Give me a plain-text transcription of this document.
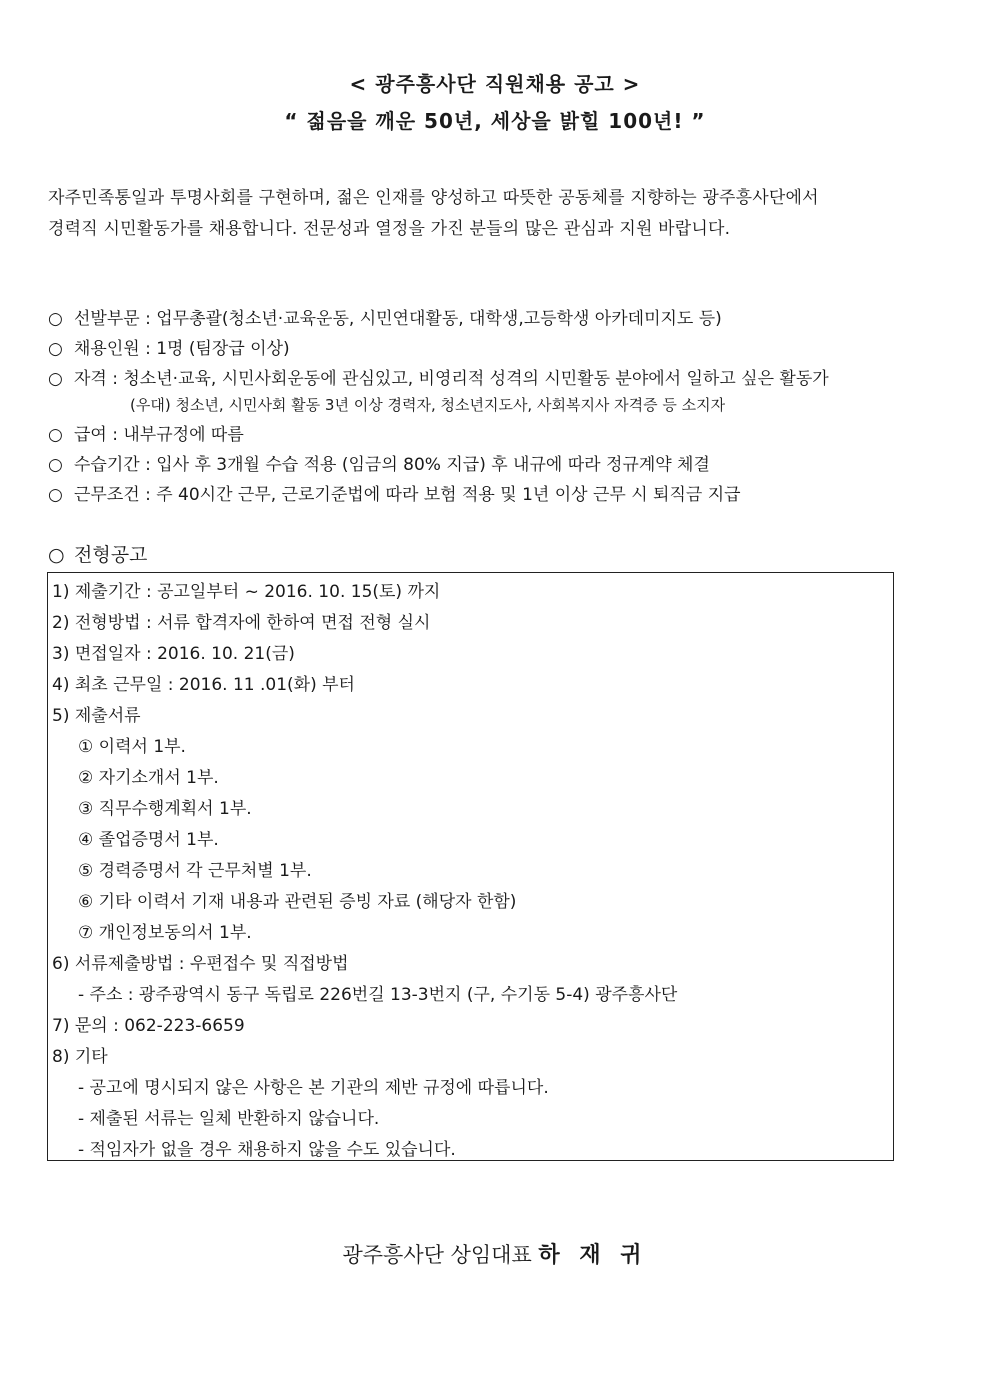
< 광주흥사단 직원채용 공고 >
“ 젊음을 깨운 50년, 세상을 밝힐 100년! ”
자주민족통일과 투명사회를 구현하며, 젊은 인재를 양성하고 따뜻한 공동체를 지향하는 광주흥사단에서
경력직 시민활동가를 채용합니다. 전문성과 열정을 가진 분들의 많은 관심과 지원 바랍니다.
○ 선발부문 : 업무총괄(청소년·교육운동, 시민연대활동, 대학생,고등학생 아카데미지도 등)
○ 채용인원 : 1명 (팀장급 이상)
○ 자격 : 청소년·교육, 시민사회운동에 관심있고, 비영리적 성격의 시민활동 분야에서 일하고 싶은 활동가
(우대) 청소년, 시민사회 활동 3년 이상 경력자, 청소년지도사, 사회복지사 자격증 등 소지자
○ 급여 : 내부규정에 따름
○ 수습기간 : 입사 후 3개월 수습 적용 (임금의 80% 지급) 후 내규에 따라 정규계약 체결
○ 근무조건 : 주 40시간 근무, 근로기준법에 따라 보험 적용 및 1년 이상 근무 시 퇴직금 지급
○ 전형공고
1) 제출기간 : 공고일부터 ~ 2016. 10. 15(토) 까지
2) 전형방법 : 서류 합격자에 한하여 면접 전형 실시
3) 면접일자 : 2016. 10. 21(금)
4) 최초 근무일 : 2016. 11 .01(화) 부터
5) 제출서류
① 이력서 1부.
② 자기소개서 1부.
③ 직무수행계획서 1부.
④ 졸업증명서 1부.
⑤ 경력증명서 각 근무처별 1부.
⑥ 기타 이력서 기재 내용과 관련된 증빙 자료 (해당자 한함)
⑦ 개인정보동의서 1부.
6) 서류제출방법 : 우편접수 및 직접방법
- 주소 : 광주광역시 동구 독립로 226번길 13-3번지 (구, 수기동 5-4) 광주흥사단
7) 문의 : 062-223-6659
8) 기타
- 공고에 명시되지 않은 사항은 본 기관의 제반 규정에 따릅니다.
- 제출된 서류는 일체 반환하지 않습니다.
- 적임자가 없을 경우 채용하지 않을 수도 있습니다.
광주흥사단 상임대표 하 재 귀
